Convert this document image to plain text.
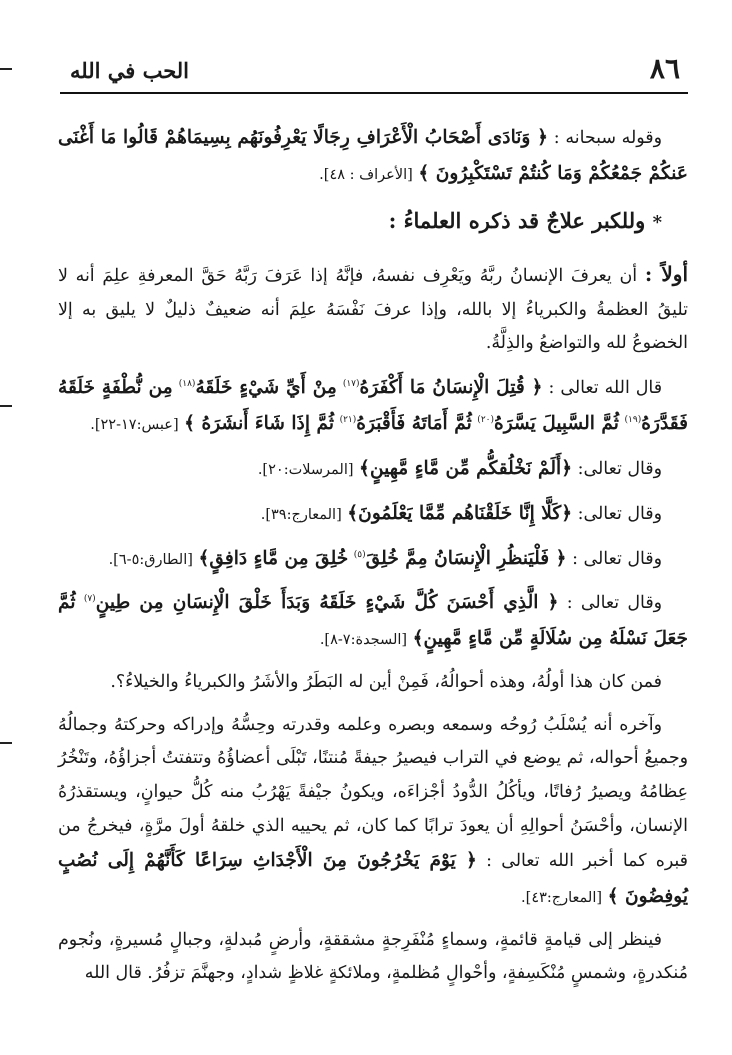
٨٦
الحب في الله

وقوله سبحانه : ﴿ وَنَادَى أَصْحَابُ الْأَعْرَافِ رِجَالًا يَعْرِفُونَهُم بِسِيمَاهُمْ قَالُوا مَا أَغْنَى عَنكُمْ جَمْعُكُمْ وَمَا كُنتُمْ تَسْتَكْبِرُونَ ﴾ [الأعراف : ٤٨].

* وللكبر علاجٌ قد ذكره العلماءُ :

أولاً : أن يعرفَ الإنسانُ ربَّهُ ويَعْرِف نفسهُ، فإنَّهُ إذا عَرَفَ رَبَّهُ حَقَّ المعرفةِ علِمَ أنه لا تليقُ العظمةُ والكبرياءُ إلا بالله، وإذا عرفَ نَفْسَهُ علِمَ أنه ضعيفٌ ذليلٌ لا يليق به إلا الخضوعُ لله والتواضعُ والذِلَّةُ.

قال الله تعالى : ﴿ قُتِلَ الْإِنسَانُ مَا أَكْفَرَهُ$^{(١٧)}$ مِنْ أَيِّ شَيْءٍ خَلَقَهُ$^{(١٨)}$ مِن نُّطْفَةٍ خَلَقَهُ فَقَدَّرَهُ$^{(١٩)}$ ثُمَّ السَّبِيلَ يَسَّرَهُ$^{(٢٠)}$ ثُمَّ أَمَاتَهُ فَأَقْبَرَهُ$^{(٢١)}$ ثُمَّ إِذَا شَاءَ أَنشَرَهُ ﴾ [عبس:١٧-٢٢].

وقال تعالى: ﴿أَلَمْ نَخْلُقكُّم مِّن مَّاءٍ مَّهِينٍ﴾ [المرسلات:٢٠].

وقال تعالى: ﴿كَلَّا إِنَّا خَلَقْنَاهُم مِّمَّا يَعْلَمُونَ﴾ [المعارج:٣٩].

وقال تعالى : ﴿ فَلْيَنظُرِ الْإِنسَانُ مِمَّ خُلِقَ$^{(٥)}$ خُلِقَ مِن مَّاءٍ دَافِقٍ﴾ [الطارق:٥-٦].

وقال تعالى : ﴿ الَّذِي أَحْسَنَ كُلَّ شَيْءٍ خَلَقَهُ وَبَدَأَ خَلْقَ الْإِنسَانِ مِن طِينٍ$^{(٧)}$ ثُمَّ جَعَلَ نَسْلَهُ مِن سُلَالَةٍ مِّن مَّاءٍ مَّهِينٍ﴾ [السجدة:٧-٨].

فمن كان هذا أولُهُ، وهذه أحوالُهُ، فَمِنْ أين له البَطَرُ والأشَرُ والكبرياءُ والخيلاءُ؟.

وآخره أنه يُسْلَبُ رُوحُه وسمعه وبصره وعلمه وقدرته وحِسُّهُ وإدراكه وحركتهُ وجمالُهُ وجميعُ أحواله، ثم يوضع في التراب فيصيرُ جيفةً مُنتنًا، تَبْلَى أعضاؤُهُ وتتفتتُ أجزاؤُهُ، وتَنْخُرُ عِظامُهُ ويصيرُ رُفاتًا، ويأكُلُ الدُّودُ أجْزاءَه، ويكونُ جيْفةً يَهْرُبُ منه كُلُّ حيوانٍ، ويستقذرُهُ الإنسان، وأحْسَنُ أحوالِهِ أن يعودَ ترابًا كما كان، ثم يحييه الذي خلقهُ أولَ مرَّةٍ، فيخرجُ من قبره كما أخبر الله تعالى : ﴿ يَوْمَ يَخْرُجُونَ مِنَ الْأَجْدَاثِ سِرَاعًا كَأَنَّهُمْ إِلَى نُصُبٍ يُوفِضُونَ ﴾ [المعارج:٤٣].

فينظر إلى قيامةٍ قائمةٍ، وسماءٍ مُنْفَرِجةٍ مشققةٍ، وأرضٍ مُبدلةٍ، وجبالٍ مُسيرةٍ، ونُجوم مُنكدرةٍ، وشمسٍ مُنْكَسِفةٍ، وأحْوالٍ مُظلمةٍ، وملائكةٍ غلاظٍ شدادٍ، وجهنَّمَ تزفُرُ. قال الله
